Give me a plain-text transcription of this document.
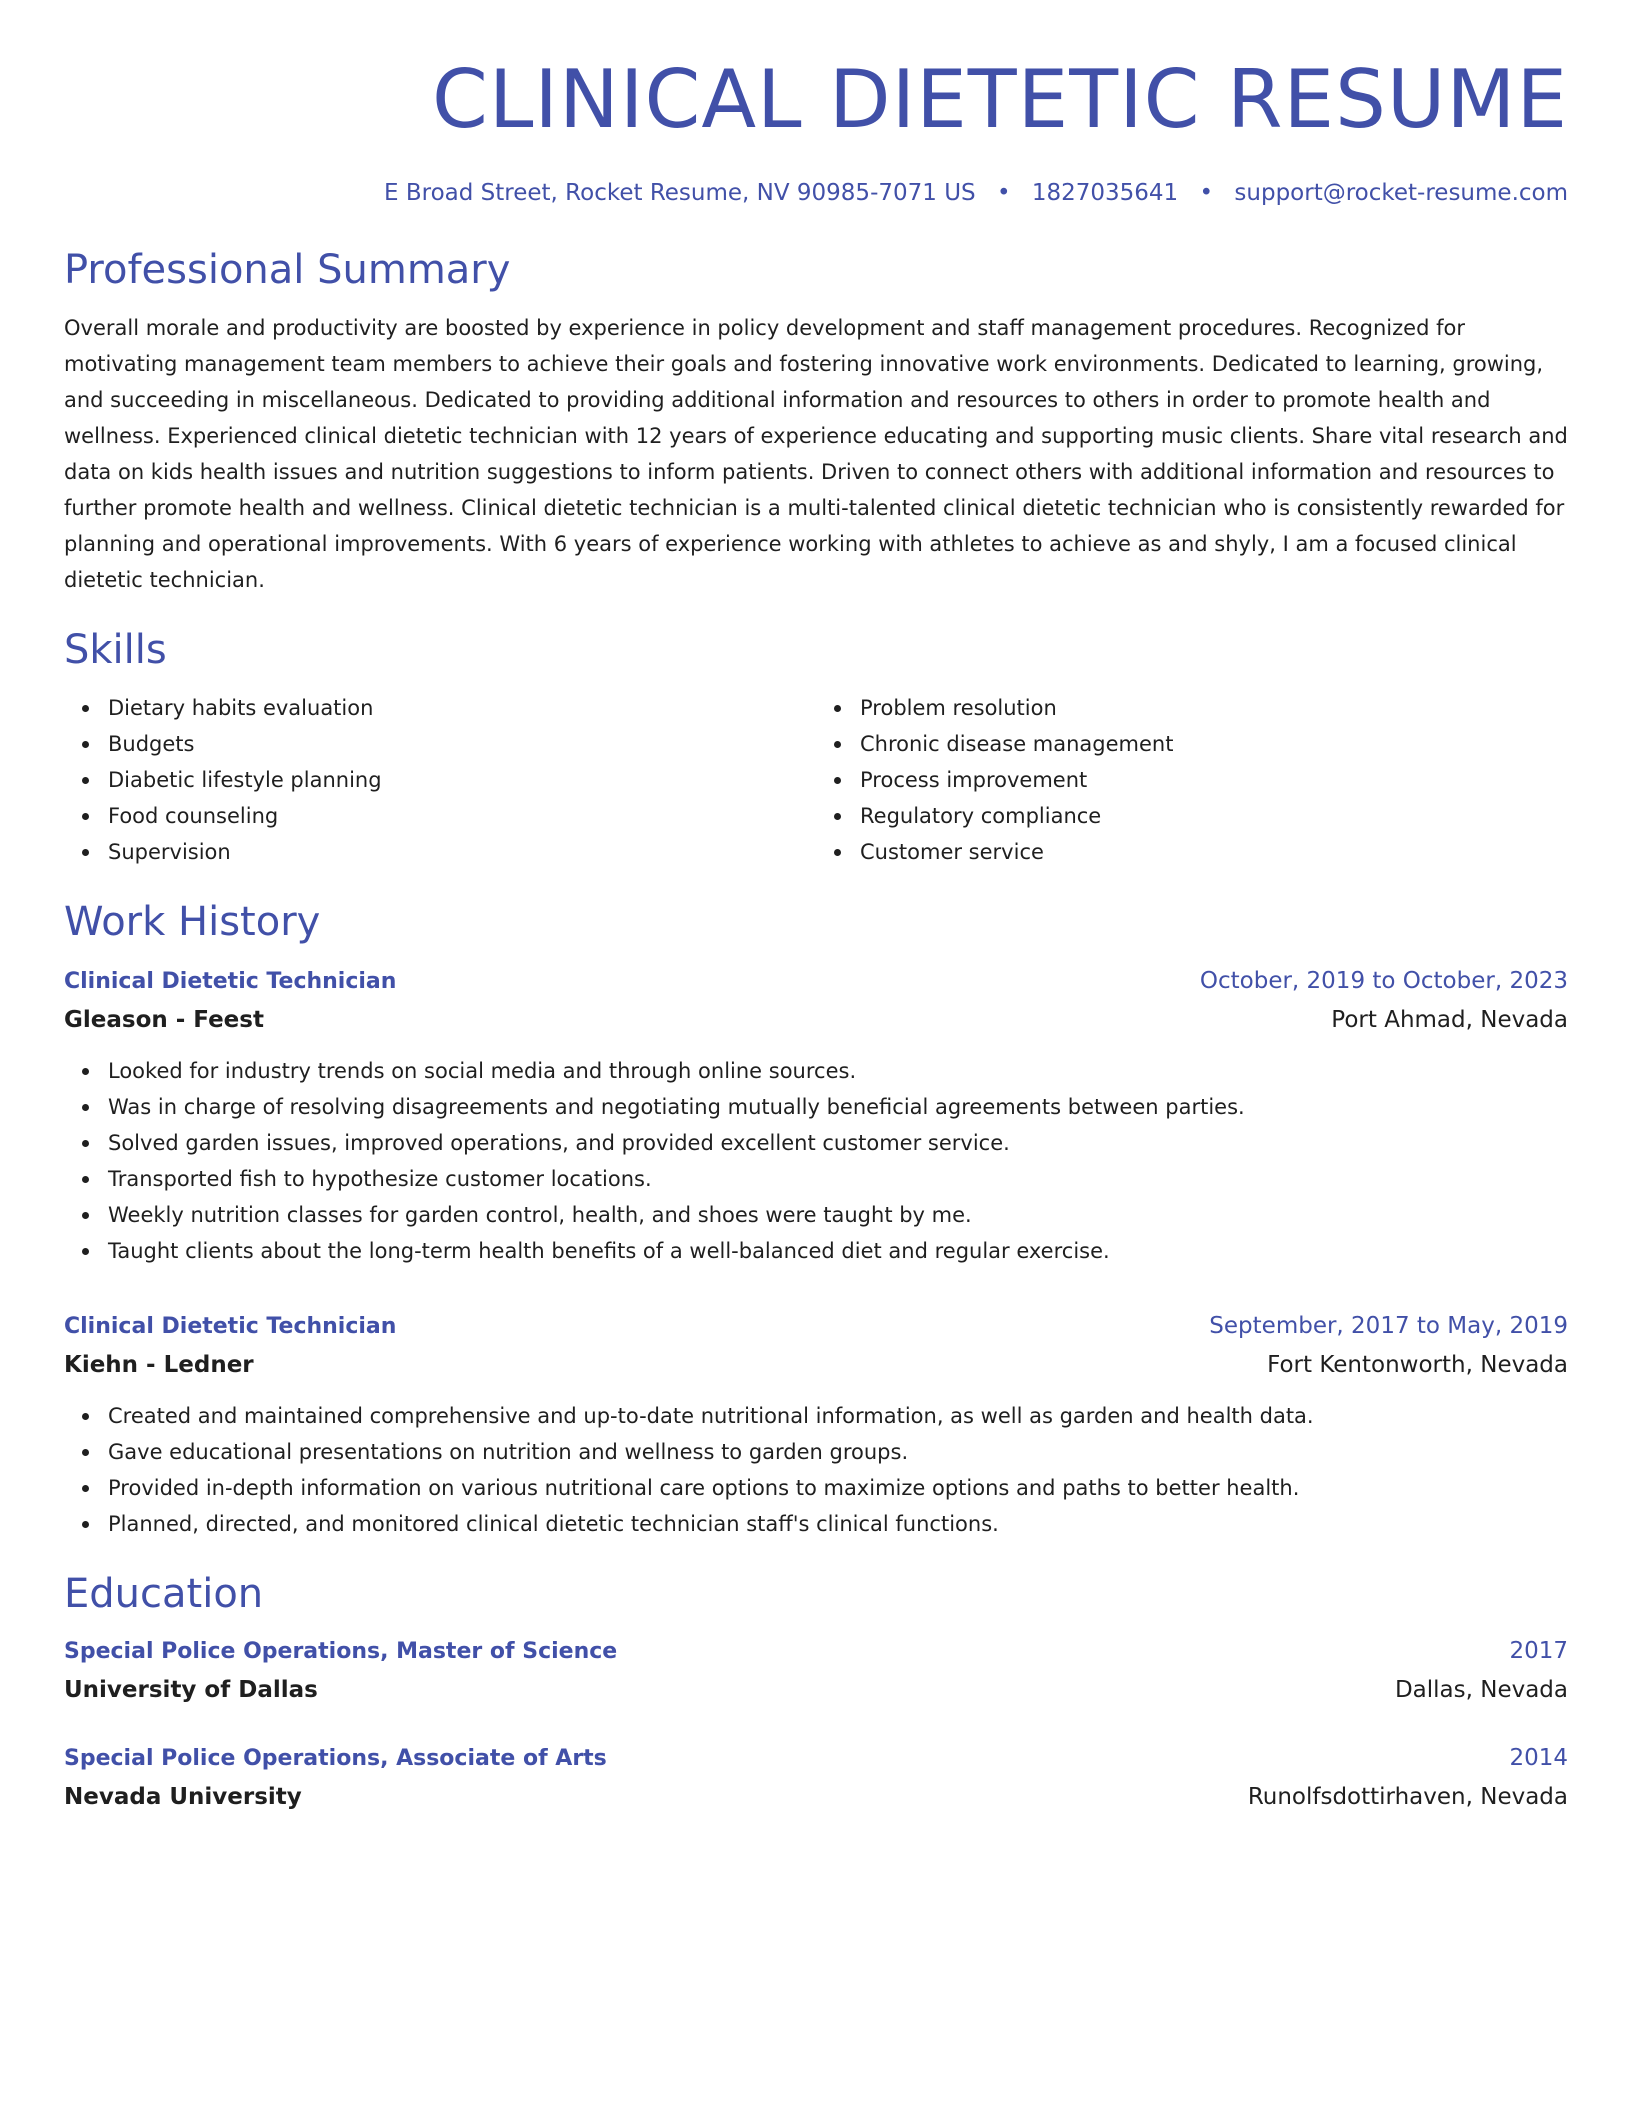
CLINICAL DIETETIC RESUME
E Broad Street, Rocket Resume, NV 90985-7071 US • 1827035641 • support@rocket-resume.com
Professional Summary

Overall morale and productivity are boosted by experience in policy development and staff management procedures. Recognized for motivating management team members to achieve their goals and fostering innovative work environments. Dedicated to learning, growing, and succeeding in miscellaneous. Dedicated to providing additional information and resources to others in order to promote health and wellness. Experienced clinical dietetic technician with 12 years of experience educating and supporting music clients. Share vital research and data on kids health issues and nutrition suggestions to inform patients. Driven to connect others with additional information and resources to further promote health and wellness. Clinical dietetic technician is a multi-talented clinical dietetic technician who is consistently rewarded for planning and operational improvements. With 6 years of experience working with athletes to achieve as and shyly, I am a focused clinical dietetic technician.

Skills
Dietary habits evaluation
Budgets
Diabetic lifestyle planning
Food counseling
Supervision
Problem resolution
Chronic disease management
Process improvement
Regulatory compliance
Customer service
Work History
Clinical Dietetic Technician	October, 2019 to October, 2023
Gleason - Feest	Port Ahmad, Nevada
Looked for industry trends on social media and through online sources.
Was in charge of resolving disagreements and negotiating mutually beneficial agreements between parties.
Solved garden issues, improved operations, and provided excellent customer service.
Transported fish to hypothesize customer locations.
Weekly nutrition classes for garden control, health, and shoes were taught by me.
Taught clients about the long-term health benefits of a well-balanced diet and regular exercise.
Clinical Dietetic Technician	September, 2017 to May, 2019
Kiehn - Ledner	Fort Kentonworth, Nevada
Created and maintained comprehensive and up-to-date nutritional information, as well as garden and health data.
Gave educational presentations on nutrition and wellness to garden groups.
Provided in-depth information on various nutritional care options to maximize options and paths to better health.
Planned, directed, and monitored clinical dietetic technician staff's clinical functions.
Education
Special Police Operations, Master of Science	2017
University of Dallas	Dallas, Nevada
Special Police Operations, Associate of Arts	2014
Nevada University	Runolfsdottirhaven, Nevada
